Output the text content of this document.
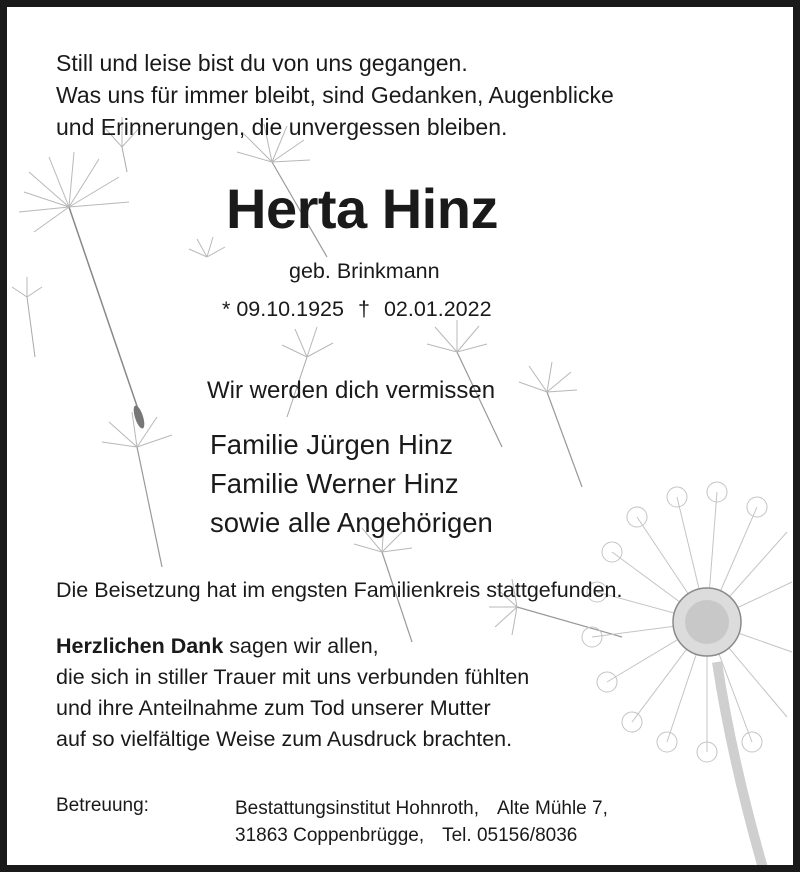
Still und leise bist du von uns gegangen.
Was uns für immer bleibt, sind Gedanken, Augenblicke
und Erinnerungen, die unvergessen bleiben.
Herta Hinz
geb. Brinkmann
* 09.10.1925 † 02.01.2022
Wir werden dich vermissen
Familie Jürgen Hinz
Familie Werner Hinz
sowie alle Angehörigen
Die Beisetzung hat im engsten Familienkreis stattgefunden.
Herzlichen Dank sagen wir allen,
die sich in stiller Trauer mit uns verbunden fühlten
und ihre Anteilnahme zum Tod unserer Mutter
auf so vielfältige Weise zum Ausdruck brachten.
Betreuung:	Bestattungsinstitut Hohnroth, Alte Mühle 7,
31863 Coppenbrügge, Tel. 05156/8036
